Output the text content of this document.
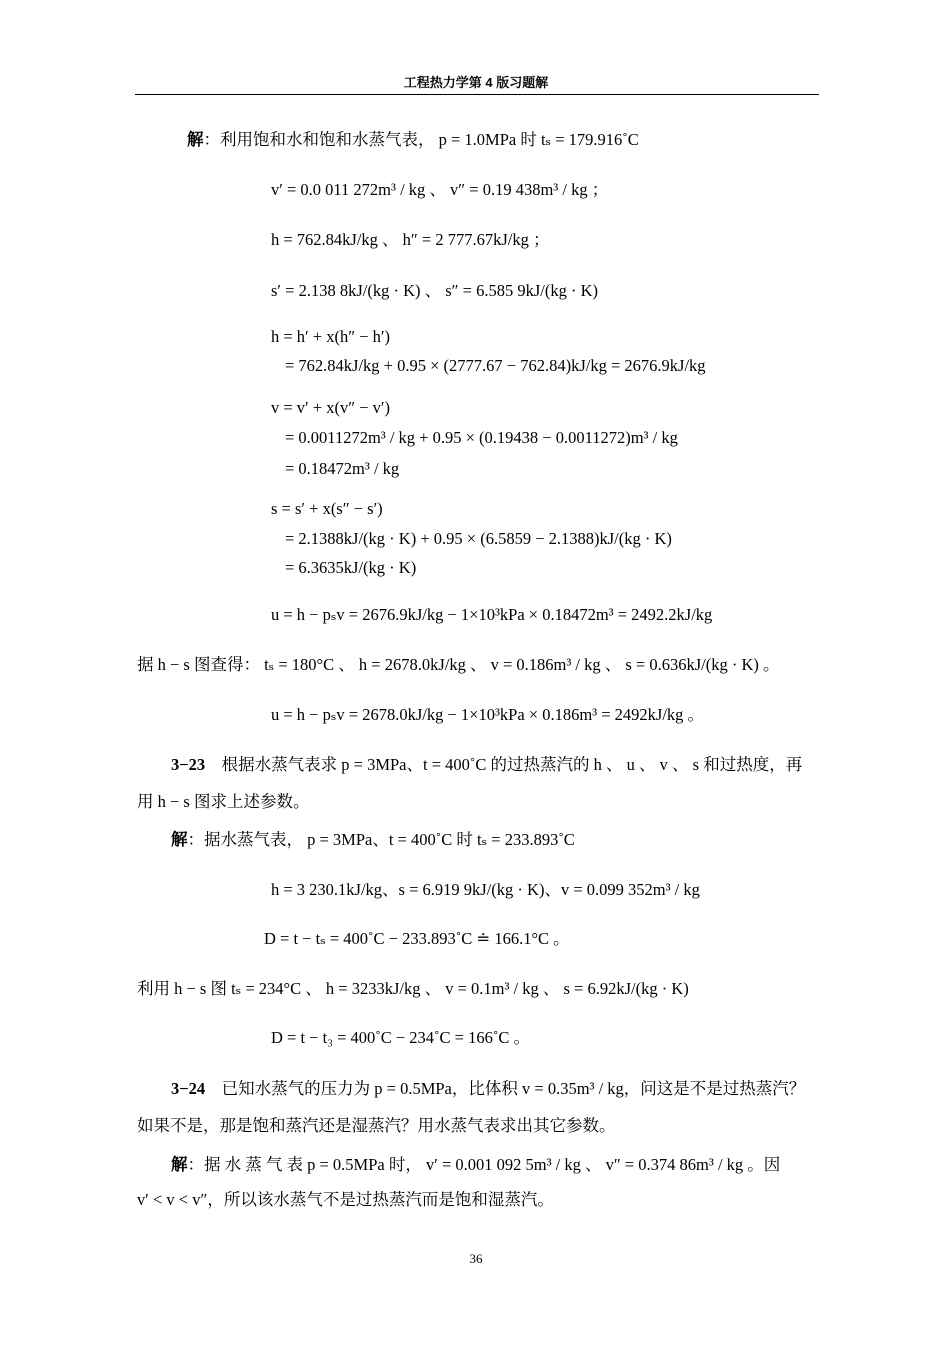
工程热力学第 4 版习题解
解：利用饱和水和饱和水蒸气表， p = 1.0MPa 时 tₛ = 179.916˚C
v′ = 0.0 011 272m³ / kg 、 v″ = 0.19 438m³ / kg ；
h = 762.84kJ/kg 、 h″ = 2 777.67kJ/kg ；
s′ = 2.138 8kJ/(kg · K) 、 s″ = 6.585 9kJ/(kg · K)
h = h′ + x(h″ − h′)
= 762.84kJ/kg + 0.95 × (2777.67 − 762.84)kJ/kg = 2676.9kJ/kg
v = v′ + x(v″ − v′)
= 0.0011272m³ / kg + 0.95 × (0.19438 − 0.0011272)m³ / kg
= 0.18472m³ / kg
s = s′ + x(s″ − s′)
= 2.1388kJ/(kg · K) + 0.95 × (6.5859 − 2.1388)kJ/(kg · K)
= 6.3635kJ/(kg · K)
u = h − pₛv = 2676.9kJ/kg − 1×10³kPa × 0.18472m³ = 2492.2kJ/kg
据 h − s 图查得： tₛ = 180°C 、 h = 2678.0kJ/kg 、 v = 0.186m³ / kg 、 s = 0.636kJ/(kg · K) 。
u = h − pₛv = 2678.0kJ/kg − 1×10³kPa × 0.186m³ = 2492kJ/kg 。
3−23　根据水蒸气表求 p = 3MPa、t = 400˚C 的过热蒸汽的 h 、 u 、 v 、 s 和过热度，再
用 h − s 图求上述参数。
解：据水蒸气表， p = 3MPa、t = 400˚C 时 tₛ = 233.893˚C
h = 3 230.1kJ/kg、s = 6.919 9kJ/(kg · K)、v = 0.099 352m³ / kg
D = t − tₛ = 400˚C − 233.893˚C ≐ 166.1°C 。
利用 h − s 图 tₛ = 234°C 、 h = 3233kJ/kg 、 v = 0.1m³ / kg 、 s = 6.92kJ/(kg · K)
D = t − t₃ = 400˚C − 234˚C = 166˚C 。
3−24　已知水蒸气的压力为 p = 0.5MPa，比体积 v = 0.35m³ / kg，问这是不是过热蒸汽？
如果不是，那是饱和蒸汽还是湿蒸汽？用水蒸气表求出其它参数。
解：据 水 蒸 气 表 p = 0.5MPa 时， v′ = 0.001 092 5m³ / kg 、 v″ = 0.374 86m³ / kg 。因
v′ < v < v″，所以该水蒸气不是过热蒸汽而是饱和湿蒸汽。
36
